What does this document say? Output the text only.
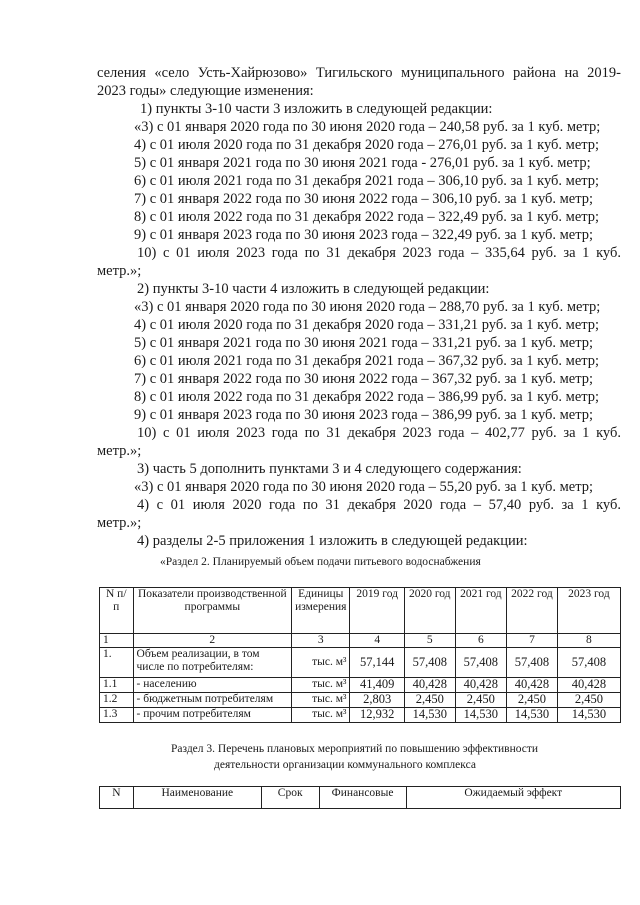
селения «село Усть-Хайрюзово» Тигильского муниципального района на 2019-
2023 годы» следующие изменения:
1) пункты 3-10 части 3 изложить в следующей редакции:
«3) с 01 января 2020 года по 30 июня 2020 года – 240,58 руб. за 1 куб. метр;
4) с 01 июля 2020 года по 31 декабря 2020 года – 276,01 руб. за 1 куб. метр;
5) с 01 января 2021 года по 30 июня 2021 года - 276,01 руб. за 1 куб. метр;
6) с 01 июля 2021 года по 31 декабря 2021 года – 306,10 руб. за 1 куб. метр;
7) с 01 января 2022 года по 30 июня 2022 года – 306,10 руб. за 1 куб. метр;
8) с 01 июля 2022 года по 31 декабря 2022 года – 322,49 руб. за 1 куб. метр;
9) с 01 января 2023 года по 30 июня 2023 года – 322,49 руб. за 1 куб. метр;
10) с 01 июля 2023 года по 31 декабря 2023 года – 335,64 руб. за 1 куб.
метр.»;
2) пункты 3-10 части 4 изложить в следующей редакции:
«3) с 01 января 2020 года по 30 июня 2020 года – 288,70 руб. за 1 куб. метр;
4) с 01 июля 2020 года по 31 декабря 2020 года – 331,21 руб. за 1 куб. метр;
5) с 01 января 2021 года по 30 июня 2021 года – 331,21 руб. за 1 куб. метр;
6) с 01 июля 2021 года по 31 декабря 2021 года – 367,32 руб. за 1 куб. метр;
7) с 01 января 2022 года по 30 июня 2022 года – 367,32 руб. за 1 куб. метр;
8) с 01 июля 2022 года по 31 декабря 2022 года – 386,99 руб. за 1 куб. метр;
9) с 01 января 2023 года по 30 июня 2023 года – 386,99 руб. за 1 куб. метр;
10) с 01 июля 2023 года по 31 декабря 2023 года – 402,77 руб. за 1 куб.
метр.»;
3) часть 5 дополнить пунктами 3 и 4 следующего содержания:
«3) с 01 января 2020 года по 30 июня 2020 года – 55,20 руб. за 1 куб. метр;
4) с 01 июля 2020 года по 31 декабря 2020 года – 57,40 руб. за 1 куб.
метр.»;
4) разделы 2-5 приложения 1 изложить в следующей редакции:
«Раздел 2. Планируемый объем подачи питьевого водоснабжения
N п/п	Показатели производственной программы	Единицы измерения	2019 год	2020 год	2021 год	2022 год	2023 год
1	2	3	4	5	6	7	8
1.	Объем реализации, в том числе по потребителям:	тыс. м³	57,144	57,408	57,408	57,408	57,408
1.1	- населению	тыс. м³	41,409	40,428	40,428	40,428	40,428
1.2	- бюджетным потребителям	тыс. м³	2,803	2,450	2,450	2,450	2,450
1.3	- прочим потребителям	тыс. м³	12,932	14,530	14,530	14,530	14,530
Раздел 3. Перечень плановых мероприятий по повышению эффективности
деятельности организации коммунального комплекса
N	Наименование	Срок	Финансовые	Ожидаемый эффект
